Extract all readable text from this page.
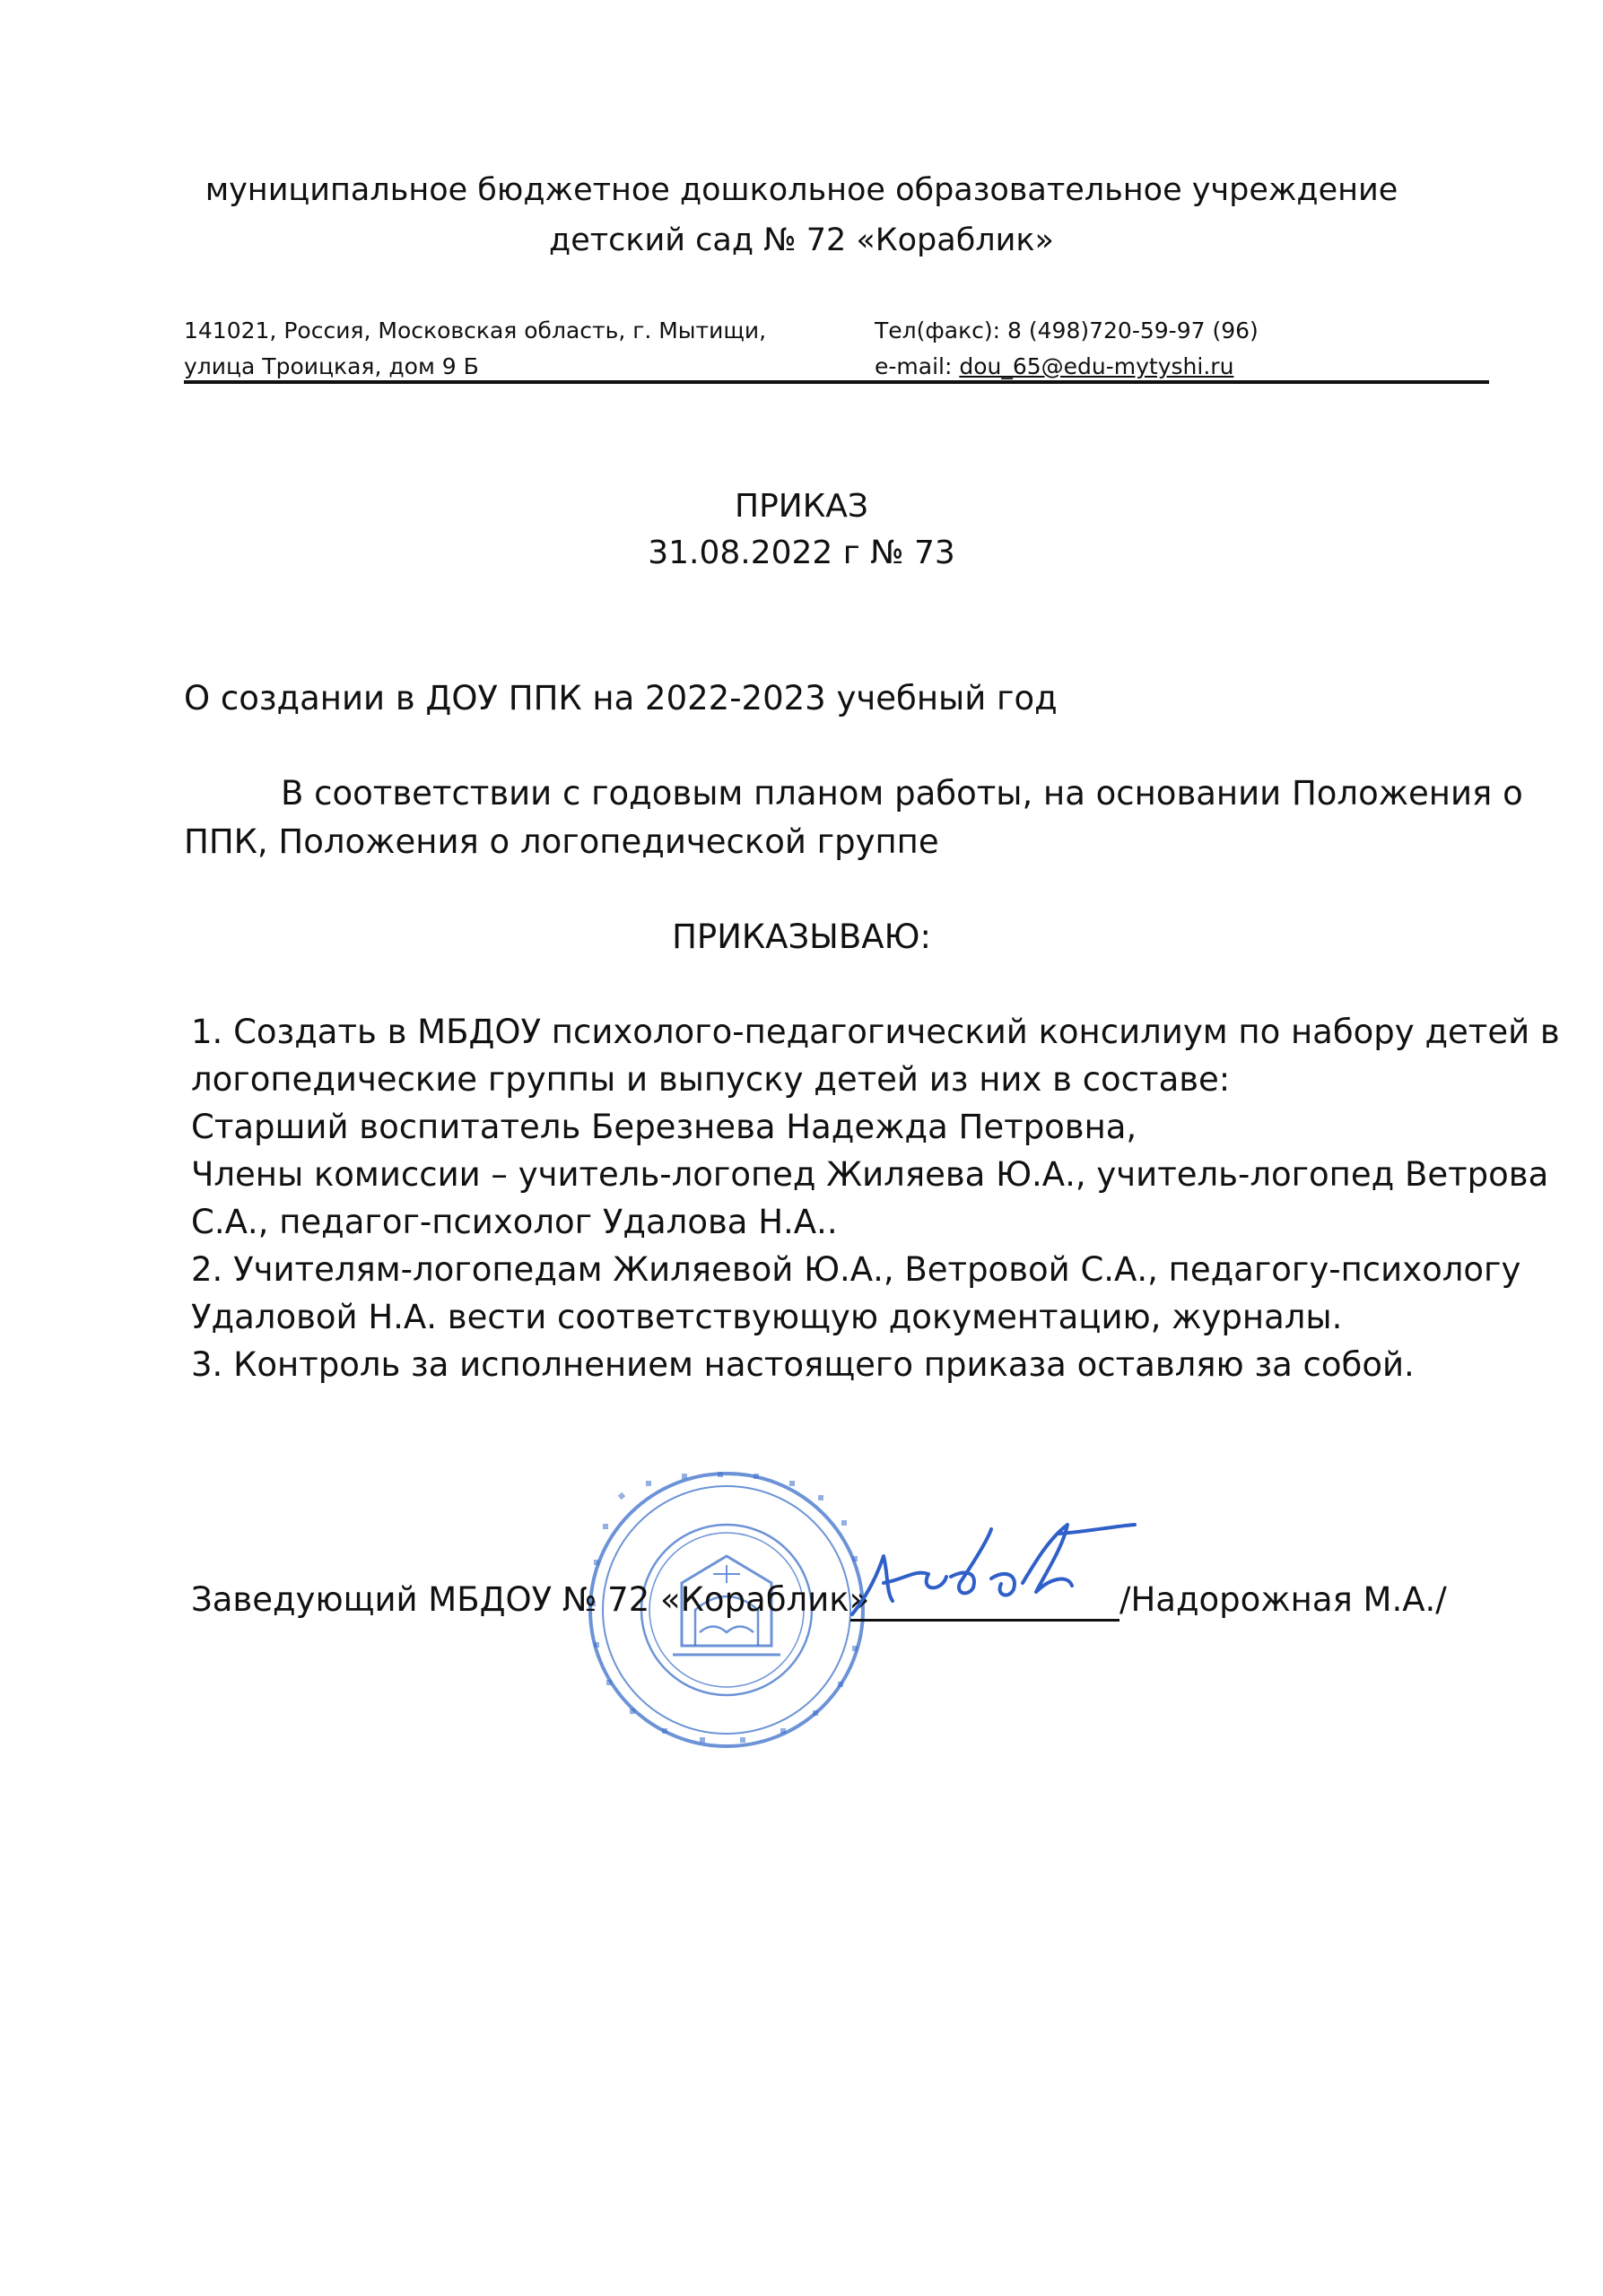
муниципальное бюджетное дошкольное образовательное учреждение
детский сад № 72 «Кораблик»
141021, Россия, Московская область, г. Мытищи,
улица Троицкая, дом 9 Б
Тел(факс): 8 (498)720-59-97 (96)
e-mail: dou_65@edu-mytyshi.ru
ПРИКАЗ
31.08.2022 г № 73
О создании в ДОУ ППК на 2022-2023 учебный год
В соответствии с годовым планом работы, на основании Положения о
ППК, Положения о логопедической группе
ПРИКАЗЫВАЮ:
1. Создать в МБДОУ психолого-педагогический консилиум по набору детей в
логопедические группы и выпуску детей из них в составе:
Старший воспитатель Березнева Надежда Петровна,
Члены комиссии – учитель-логопед Жиляева Ю.А., учитель-логопед Ветрова
С.А., педагог-психолог Удалова Н.А..
2. Учителям-логопедам Жиляевой Ю.А., Ветровой С.А., педагогу-психологу
Удаловой Н.А. вести соответствующую документацию, журналы.
3. Контроль за исполнением настоящего приказа оставляю за собой.
Заведующий МБДОУ № 72 «Кораблик»	/Надорожная М.А./
